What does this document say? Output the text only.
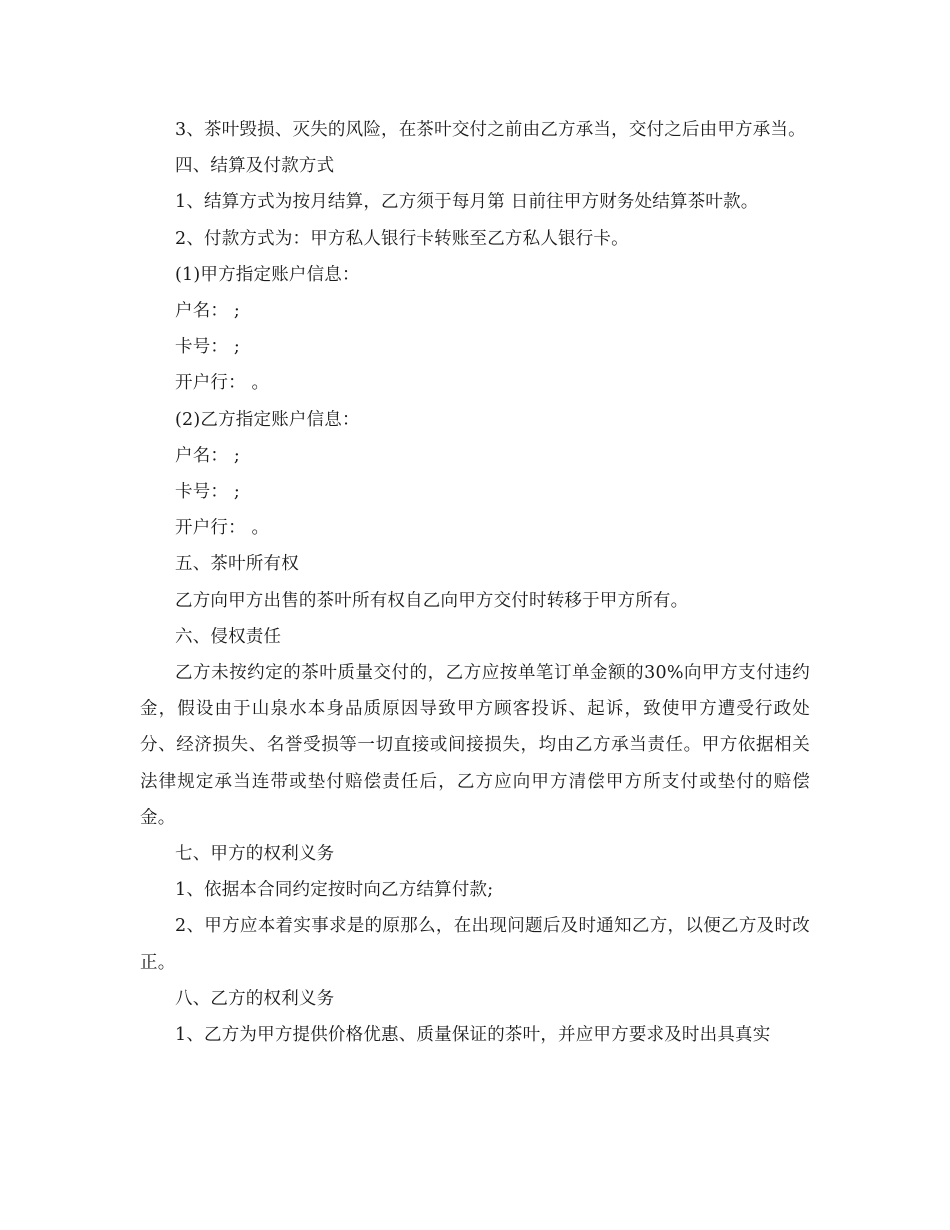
3、茶叶毁损、灭失的风险，在茶叶交付之前由乙方承当，交付之后由甲方承当。

四、结算及付款方式

1、结算方式为按月结算，乙方须于每月第 日前往甲方财务处结算茶叶款。

2、付款方式为：甲方私人银行卡转账至乙方私人银行卡。

(1)甲方指定账户信息：

户名： ;

卡号： ;

开户行： 。

(2)乙方指定账户信息：

户名： ;

卡号： ;

开户行： 。

五、茶叶所有权

乙方向甲方出售的茶叶所有权自乙向甲方交付时转移于甲方所有。

六、侵权责任

乙方未按约定的茶叶质量交付的，乙方应按单笔订单金额的30%向甲方支付违约金，假设由于山泉水本身品质原因导致甲方顾客投诉、起诉，致使甲方遭受行政处分、经济损失、名誉受损等一切直接或间接损失，均由乙方承当责任。甲方依据相关法律规定承当连带或垫付赔偿责任后，乙方应向甲方清偿甲方所支付或垫付的赔偿金。

七、甲方的权利义务

1、依据本合同约定按时向乙方结算付款;

2、甲方应本着实事求是的原那么，在出现问题后及时通知乙方，以便乙方及时改正。

八、乙方的权利义务

1、乙方为甲方提供价格优惠、质量保证的茶叶，并应甲方要求及时出具真实
